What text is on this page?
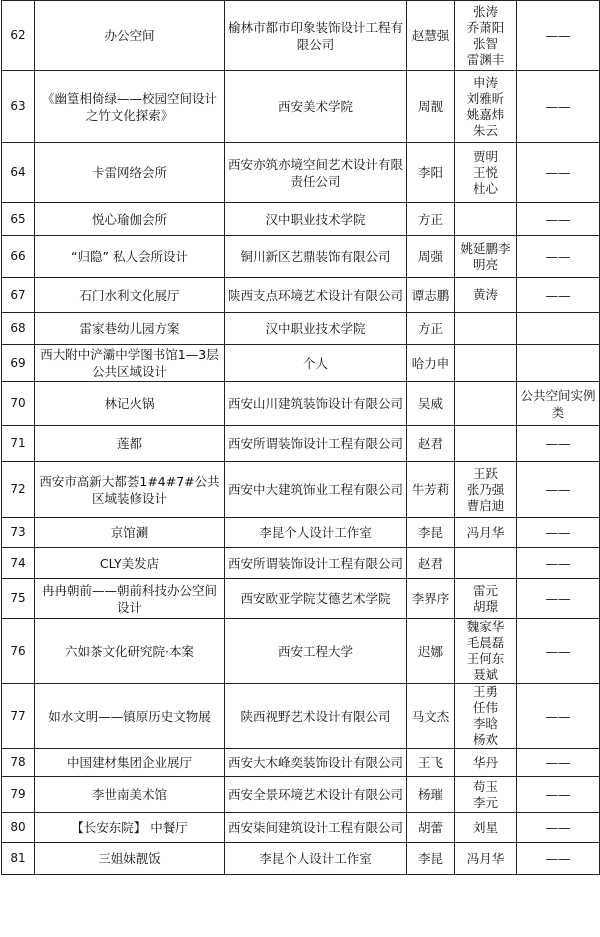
62	办公空间	榆林市都市印象装饰设计工程有限公司	赵慧强	张涛
乔萧阳
张智
雷渊丰	——
63	《幽篁相倚绿——校园空间设计之竹文化探索》	西安美术学院	周靓	申涛
刘雅昕
姚嘉炜
朱云	——
64	卡雷网络会所	西安亦筑亦境空间艺术设计有限责任公司	李阳	贾明
王悦
杜心	——
65	悦心瑜伽会所	汉中职业技术学院	方正		——
66	“归隐” 私人会所设计	铜川新区艺鼎装饰有限公司	周强	姚延鹏李明亮	——
67	石门水利文化展厅	陕西支点环境艺术设计有限公司	谭志鹏	黄涛	——
68	雷家巷幼儿园方案	汉中职业技术学院	方正		
69	西大附中浐灞中学图书馆1—3层公共区域设计	个人	哈力申		
70	林记火锅	西安山川建筑装饰设计有限公司	吴威		公共空间实例类
71	莲都	西安所谓装饰设计工程有限公司	赵君		——
72	西安市高新大都荟1#4#7#公共区域装修设计	西安中大建筑饰业工程有限公司	牛芳莉	王跃
张乃强
曹启迪	——
73	京馆涮	李昆个人设计工作室	李昆	冯月华	——
74	CLY美发店	西安所谓装饰设计工程有限公司	赵君		——
75	冉冉朝前——朝前科技办公空间设计	西安欧亚学院艾德艺术学院	李界序	雷元
胡璟	——
76	六如茶文化研究院·本案	西安工程大学	迟娜	魏家华
毛晨磊
王何东
聂斌	——
77	如水文明——镇原历史文物展	陕西视野艺术设计有限公司	马文杰	王勇
任伟
李晗
杨欢	——
78	中国建材集团企业展厅	西安大木峰奕装饰设计有限公司	王飞	华丹	——
79	李世南美术馆	西安全景环境艺术设计有限公司	杨璀	苟玉
李元	——
80	【长安东院】 中餐厅	西安柒间建筑设计工程有限公司	胡蕾	刘星	——
81	三姐妹靓饭	李昆个人设计工作室	李昆	冯月华	——
